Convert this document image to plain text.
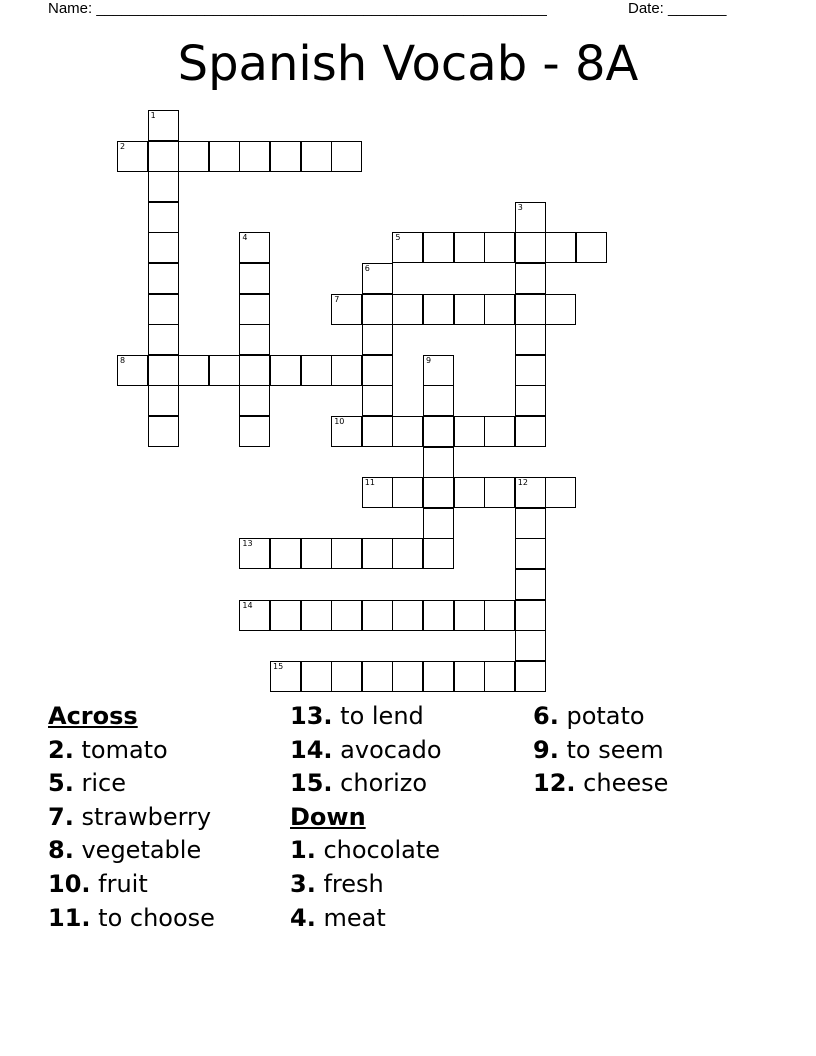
Name: ______________________________________________________	Date: _______
Spanish Vocab - 8A
1
2
3
4	5
6
7
8	9
10
11	12
13
14
15
Across
2. tomato
5. rice
7. strawberry
8. vegetable
10. fruit
11. to choose
13. to lend
14. avocado
15. chorizo
Down
1. chocolate
3. fresh
4. meat
6. potato
9. to seem
12. cheese
